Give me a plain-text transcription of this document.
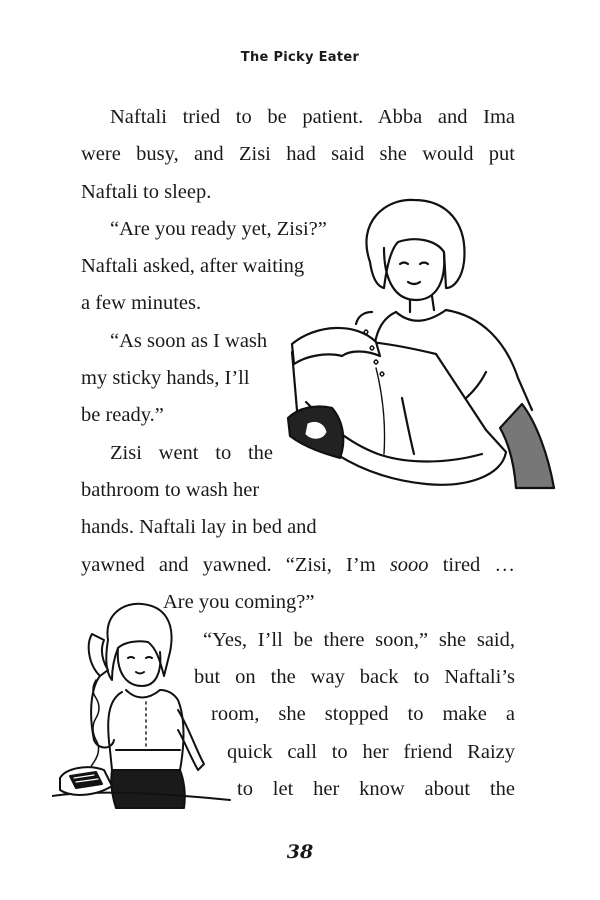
The Picky Eater
Naftali tried to be patient. Abba and Ima
were busy, and Zisi had said she would put
Naftali to sleep.
“Are you ready yet, Zisi?”
Naftali asked, after waiting
a few minutes.
“As soon as I wash
my sticky hands, I’ll
be ready.”
Zisi went to the
bathroom to wash her
hands. Naftali lay in bed and
yawned and yawned. “Zisi, I’m sooo tired …
Are you coming?”
“Yes, I’ll be there soon,” she said,
but on the way back to Naftali’s
room, she stopped to make a
quick call to her friend Raizy
to let her know about the
38
